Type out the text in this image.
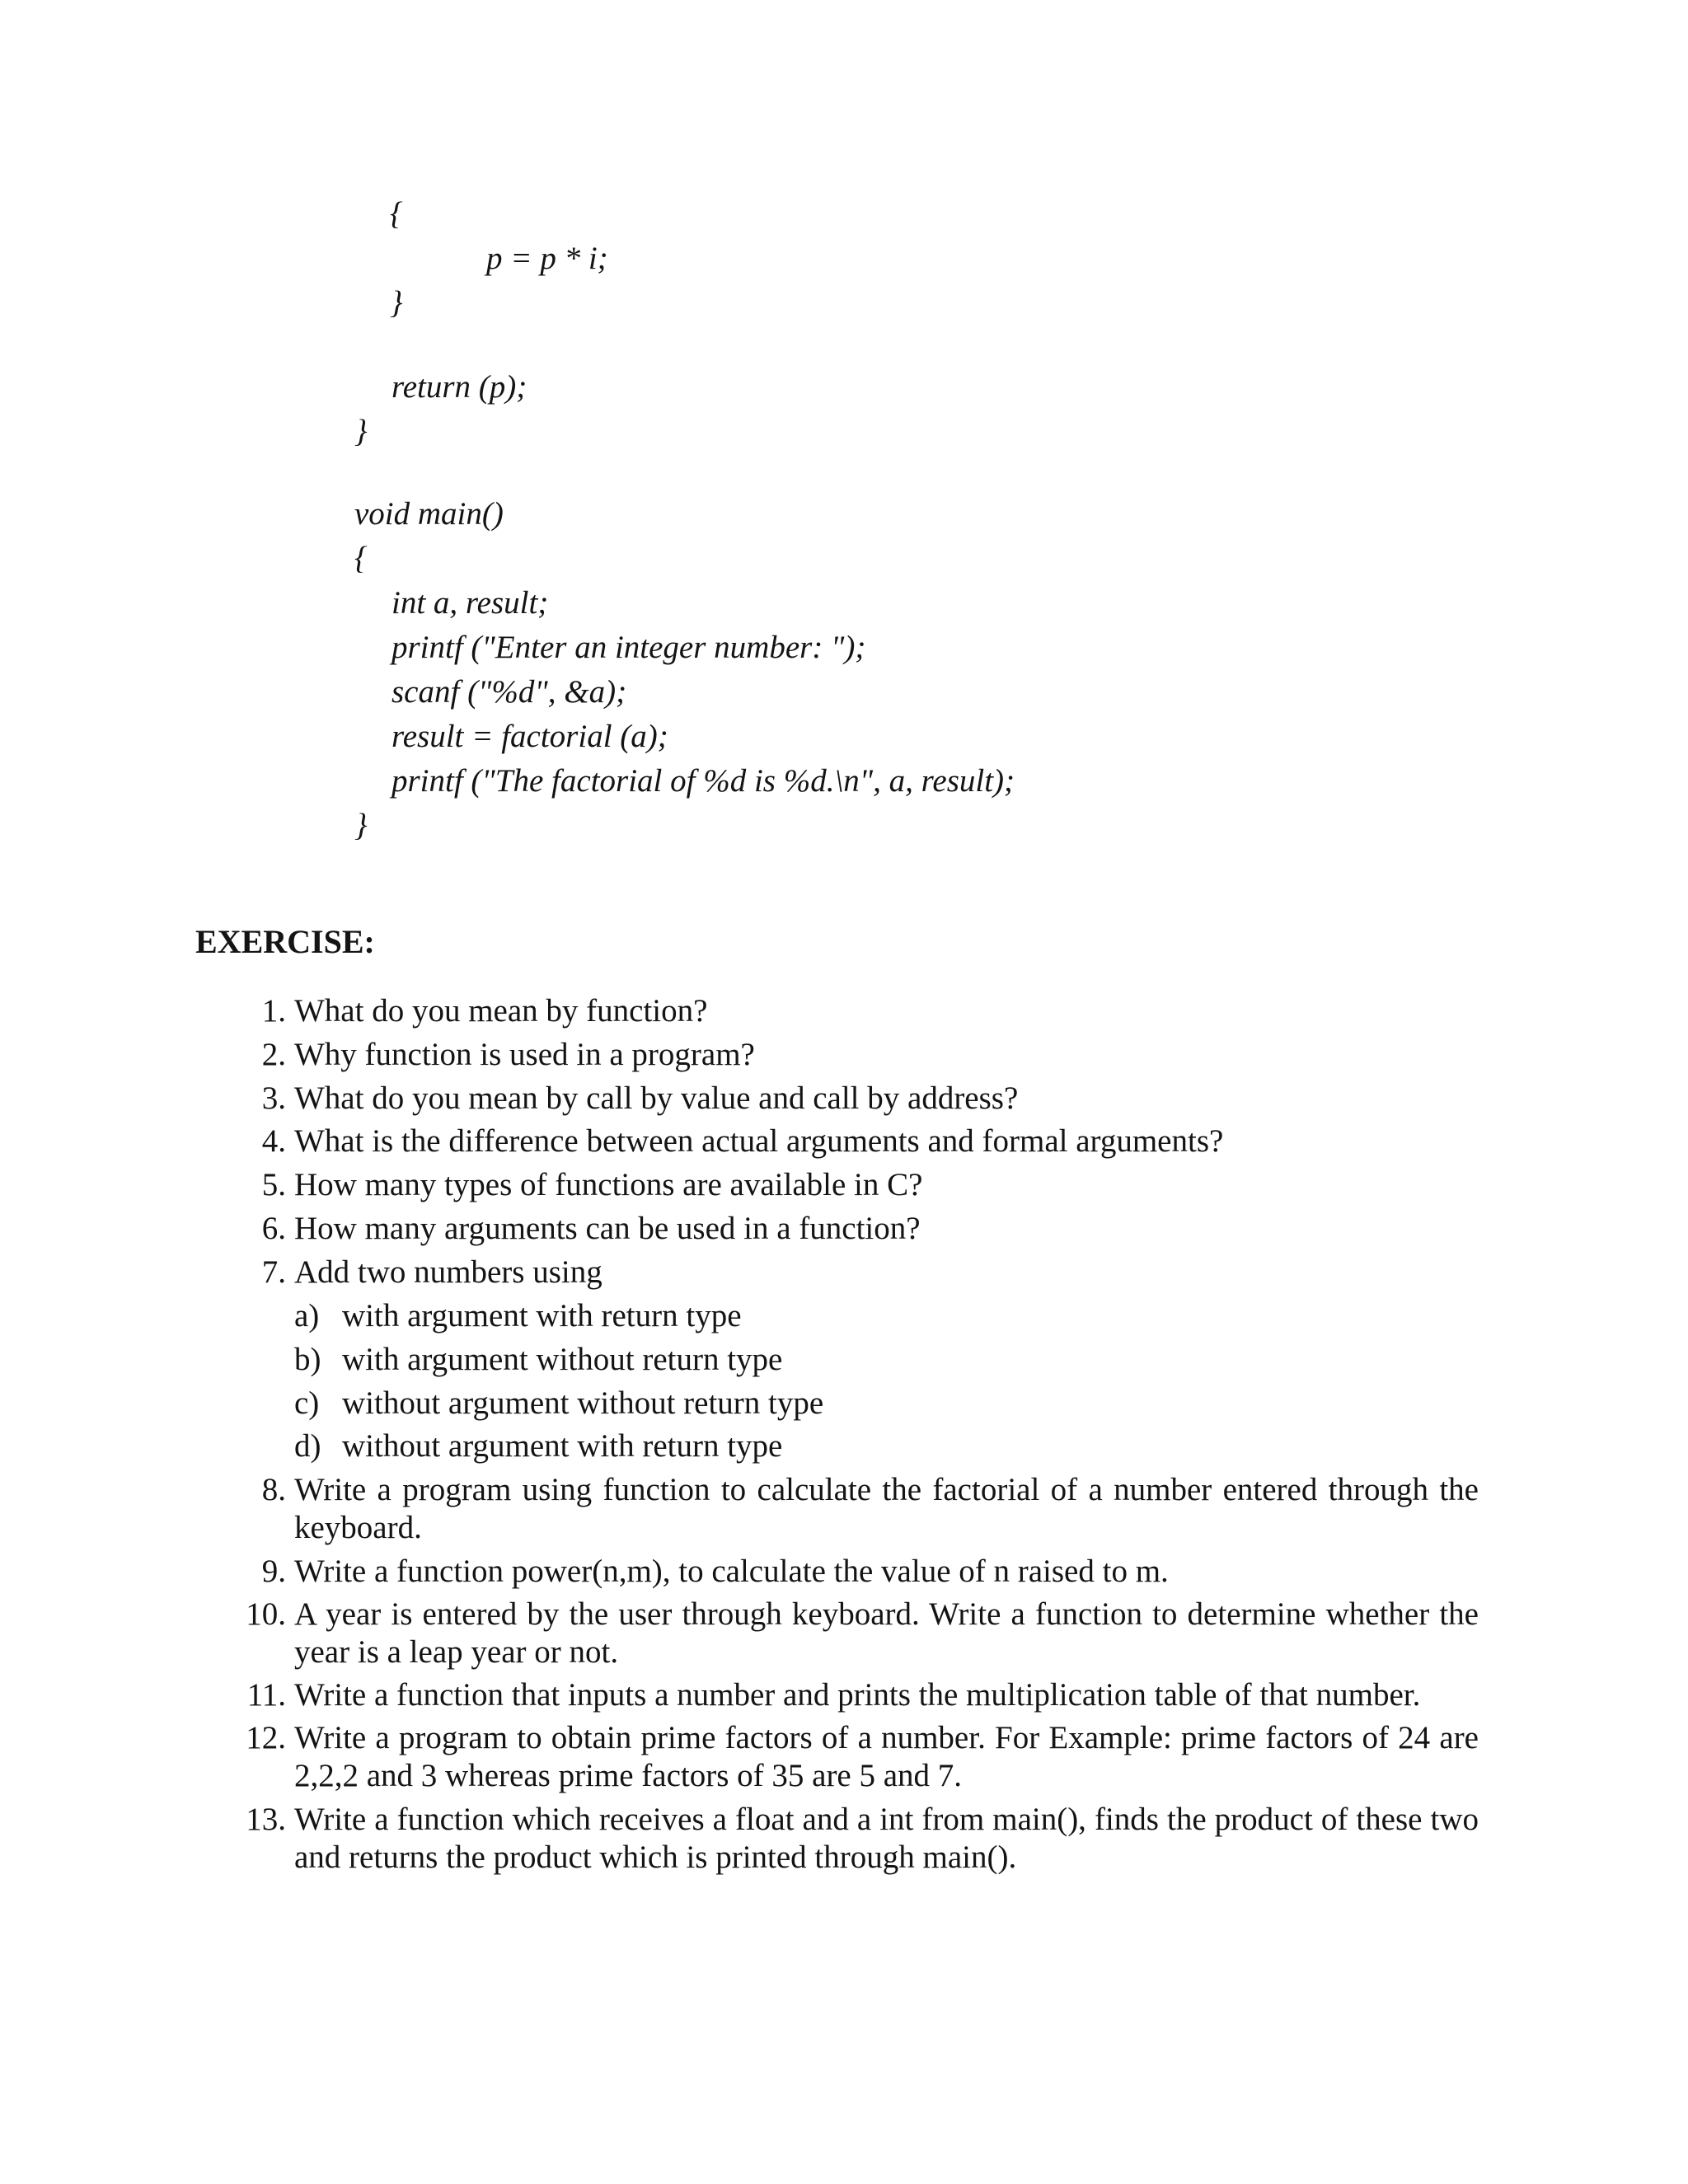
{
p = p * i;
}
return (p);
}
void main()
{
int a, result;
printf ("Enter an integer number: ");
scanf ("%d", &a);
result = factorial (a);
printf ("The factorial of %d is %d.\n", a, result);
}
EXERCISE:
1. What do you mean by function?
2. Why function is used in a program?
3. What do you mean by call by value and call by address?
4. What is the difference between actual arguments and formal arguments?
5. How many types of functions are available in C?
6. How many arguments can be used in a function?
7. Add two numbers using
a) with argument with return type
b) with argument without return type
c) without argument without return type
d) without argument with return type
8. Write a program using function to calculate the factorial of a number entered through the keyboard.
9. Write a function power(n,m), to calculate the value of n raised to m.
10. A year is entered by the user through keyboard. Write a function to determine whether the year is a leap year or not.
11. Write a function that inputs a number and prints the multiplication table of that number.
12. Write a program to obtain prime factors of a number. For Example: prime factors of 24 are 2,2,2 and 3 whereas prime factors of 35 are 5 and 7.
13. Write a function which receives a float and a int from main(), finds the product of these two and returns the product which is printed through main().
